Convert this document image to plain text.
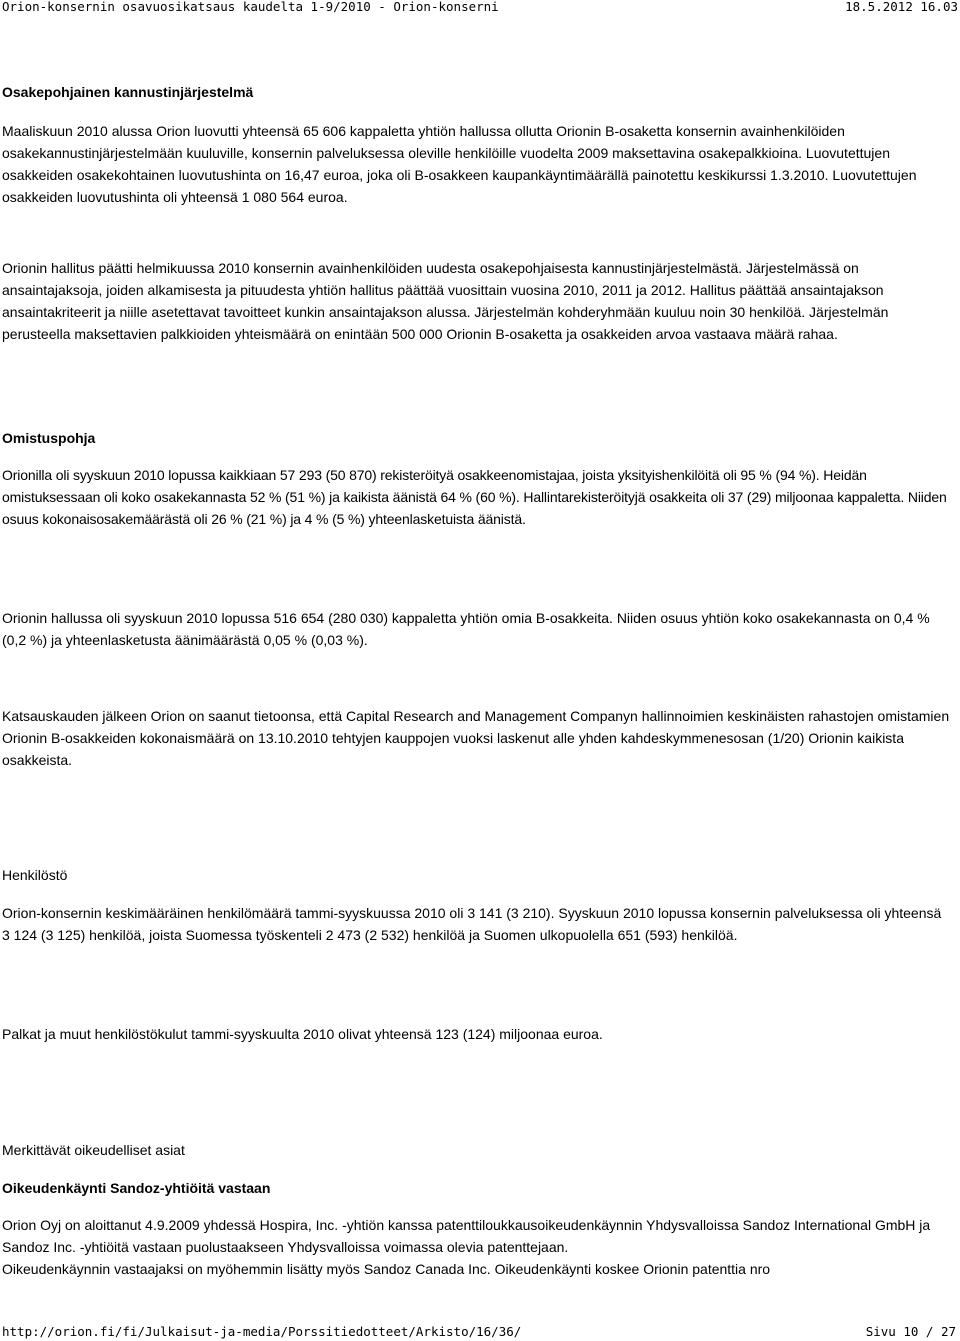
Orion-konsernin osavuosikatsaus kaudelta 1-9/2010 - Orion-konserni	18.5.2012 16.03

Osakepohjainen kannustinjärjestelmä

Maaliskuun 2010 alussa Orion luovutti yhteensä 65 606 kappaletta yhtiön hallussa ollutta Orionin B-osaketta konsernin avainhenkilöiden osakekannustinjärjestelmään kuuluville, konsernin palveluksessa oleville henkilöille vuodelta 2009 maksettavina osakepalkkioina. Luovutettujen osakkeiden osakekohtainen luovutushinta on 16,47 euroa, joka oli B-osakkeen kaupankäyntimäärällä painotettu keskikurssi 1.3.2010. Luovutettujen osakkeiden luovutushinta oli yhteensä 1 080 564 euroa.

Orionin hallitus päätti helmikuussa 2010 konsernin avainhenkilöiden uudesta osakepohjaisesta kannustinjärjestelmästä. Järjestelmässä on ansaintajaksoja, joiden alkamisesta ja pituudesta yhtiön hallitus päättää vuosittain vuosina 2010, 2011 ja 2012. Hallitus päättää ansaintajakson ansaintakriteerit ja niille asetettavat tavoitteet kunkin ansaintajakson alussa. Järjestelmän kohderyhmään kuuluu noin 30 henkilöä. Järjestelmän perusteella maksettavien palkkioiden yhteismäärä on enintään 500 000 Orionin B-osaketta ja osakkeiden arvoa vastaava määrä rahaa.

Omistuspohja

Orionilla oli syyskuun 2010 lopussa kaikkiaan 57 293 (50 870) rekisteröityä osakkeenomistajaa, joista yksityishenkilöitä oli 95 % (94 %). Heidän omistuksessaan oli koko osakekannasta 52 % (51 %) ja kaikista äänistä 64 % (60 %). Hallintarekisteröityjä osakkeita oli 37 (29) miljoonaa kappaletta. Niiden osuus kokonaisosakemäärästä oli 26 % (21 %) ja 4 % (5 %) yhteenlasketuista äänistä.

Orionin hallussa oli syyskuun 2010 lopussa 516 654 (280 030) kappaletta yhtiön omia B-osakkeita. Niiden osuus yhtiön koko osakekannasta on 0,4 % (0,2 %) ja yhteenlasketusta äänimäärästä 0,05 % (0,03 %).

Katsauskauden jälkeen Orion on saanut tietoonsa, että Capital Research and Management Companyn hallinnoimien keskinäisten rahastojen omistamien Orionin B-osakkeiden kokonaismäärä on 13.10.2010 tehtyjen kauppojen vuoksi laskenut alle yhden kahdeskymmenesosan (1/20) Orionin kaikista osakkeista.

Henkilöstö

Orion-konsernin keskimääräinen henkilömäärä tammi-syyskuussa 2010 oli 3 141 (3 210). Syyskuun 2010 lopussa konsernin palveluksessa oli yhteensä 3 124 (3 125) henkilöä, joista Suomessa työskenteli 2 473 (2 532) henkilöä ja Suomen ulkopuolella 651 (593) henkilöä.

Palkat ja muut henkilöstökulut tammi-syyskuulta 2010 olivat yhteensä 123 (124) miljoonaa euroa.

Merkittävät oikeudelliset asiat

Oikeudenkäynti Sandoz-yhtiöitä vastaan

Orion Oyj on aloittanut 4.9.2009 yhdessä Hospira, Inc. -yhtiön kanssa patenttiloukkausoikeudenkäynnin Yhdysvalloissa Sandoz International GmbH ja Sandoz Inc. -yhtiöitä vastaan puolustaakseen Yhdysvalloissa voimassa olevia patenttejaan.

Oikeudenkäynnin vastaajaksi on myöhemmin lisätty myös Sandoz Canada Inc. Oikeudenkäynti koskee Orionin patenttia nro

http://orion.fi/fi/Julkaisut-ja-media/Porssitiedotteet/Arkisto/16/36/	Sivu 10 / 27
